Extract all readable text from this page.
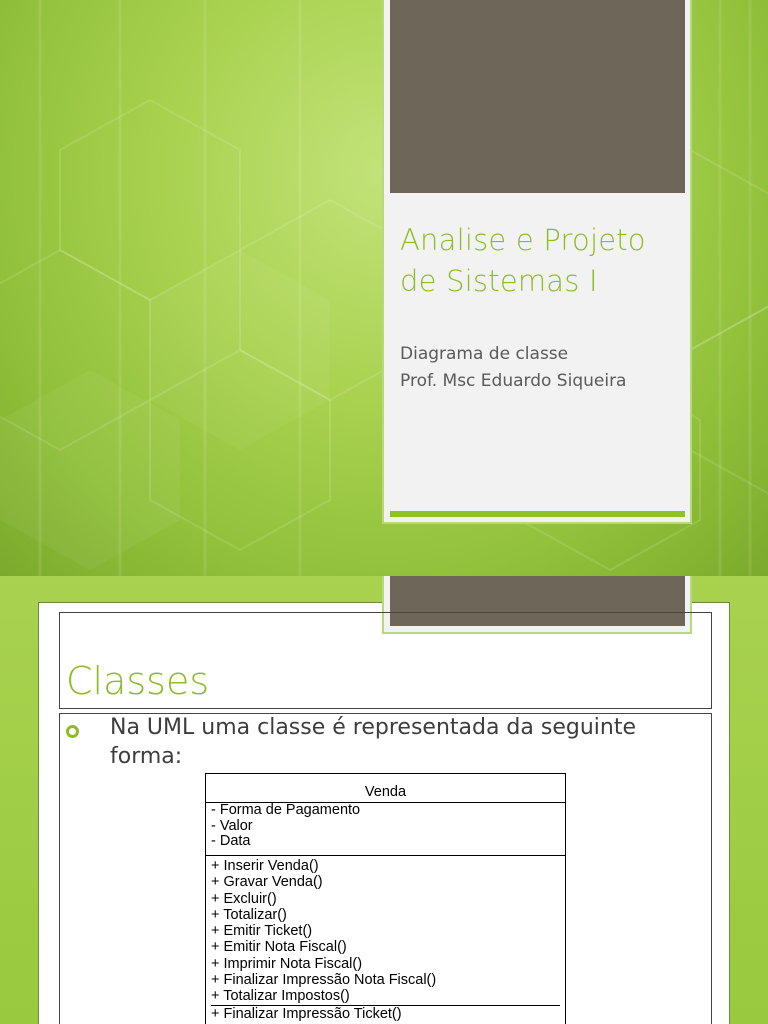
Analise e Projeto de Sistemas I
Diagrama de classe
Prof. Msc Eduardo Siqueira
Classes
Na UML uma classe é representada da seguinte forma:
Venda
- Forma de Pagamento
- Valor
- Data
+ Inserir Venda()
+ Gravar Venda()
+ Excluir()
+ Totalizar()
+ Emitir Ticket()
+ Emitir Nota Fiscal()
+ Imprimir Nota Fiscal()
+ Finalizar Impressão Nota Fiscal()
+ Totalizar Impostos()
+ Finalizar Impressão Ticket()
